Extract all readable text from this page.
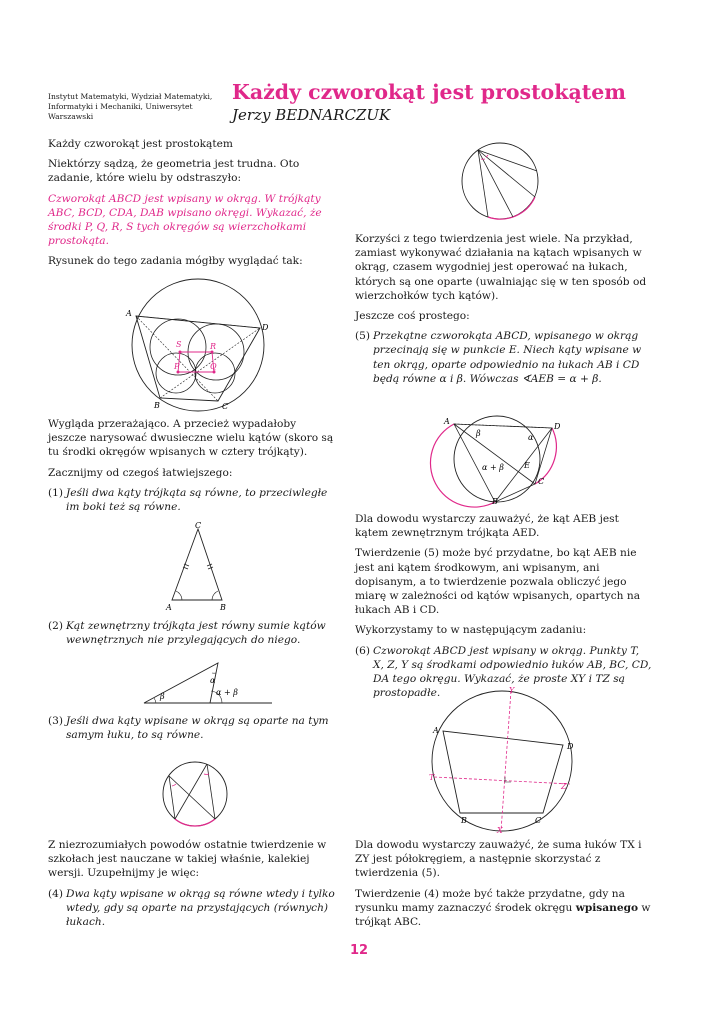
Instytut Matematyki, Wydział Matematyki, Informatyki i Mechaniki, Uniwersytet Warszawski
Każdy czworokąt jest prostokątem
Jerzy BEDNARCZUK

Każdy czworokąt jest prostokątem

Niektórzy sądzą, że geometria jest trudna. Oto zadanie, które wielu by odstraszyło:

Czworokąt ABCD jest wpisany w okrąg. W trójkąty ABC, BCD, CDA, DAB wpisano okręgi. Wykazać, że środki P, Q, R, S tych okręgów są wierzchołkami prostokąta.

Rysunek do tego zadania mógłby wyglądać tak:

A
B	C
D
P	Q
R
S

Wygląda przerażająco. A przecież wypadałoby jeszcze narysować dwusieczne wielu kątów (skoro są tu środki okręgów wpisanych w cztery trójkąty).

Zacznijmy od czegoś łatwiejszego:

(1) Jeśli dwa kąty trójkąta są równe, to przeciwległe im boki też są równe.
C
A	B
(2) Kąt zewnętrzny trójkąta jest równy sumie kątów wewnętrznych nie przylegających do niego.
α
β	α + β
(3) Jeśli dwa kąty wpisane w okrąg są oparte na tym samym łuku, to są równe.

Z niezrozumiałych powodów ostatnie twierdzenie w szkołach jest nauczane w takiej właśnie, kalekiej wersji. Uzupełnijmy je więc:

(4) Dwa kąty wpisane w okrąg są równe wtedy i tylko wtedy, gdy są oparte na przystających (równych) łukach.

Korzyści z tego twierdzenia jest wiele. Na przykład, zamiast wykonywać działania na kątach wpisanych w okrąg, czasem wygodniej jest operować na łukach, których są one oparte (uwalniając się w ten sposób od wierzchołków tych kątów).

Jeszcze coś prostego:

(5) Przekątne czworokąta ABCD, wpisanego w okrąg przecinają się w punkcie E. Niech kąty wpisane w ten okrąg, oparte odpowiednio na łukach AB i CD będą równe α i β. Wówczas ∢AEB = α + β.
A
B
C
D
E
α
β
α + β

Dla dowodu wystarczy zauważyć, że kąt AEB jest kątem zewnętrznym trójkąta AED.

Twierdzenie (5) może być przydatne, bo kąt AEB nie jest ani kątem środkowym, ani wpisanym, ani dopisanym, a to twierdzenie pozwala obliczyć jego miarę w zależności od kątów wpisanych, opartych na łukach AB i CD.

Wykorzystamy to w następującym zadaniu:

(6) Czworokąt ABCD jest wpisany w okrąg. Punkty T, X, Z, Y są środkami odpowiednio łuków AB, BC, CD, DA tego okręgu. Wykazać, że proste XY i TZ są prostopadłe.
A
B	C
D
T
X
Y
Z

Dla dowodu wystarczy zauważyć, że suma łuków TX i ZY jest półokręgiem, a następnie skorzystać z twierdzenia (5).

Twierdzenie (4) może być także przydatne, gdy na rysunku mamy zaznaczyć środek okręgu wpisanego w trójkąt ABC.

12
